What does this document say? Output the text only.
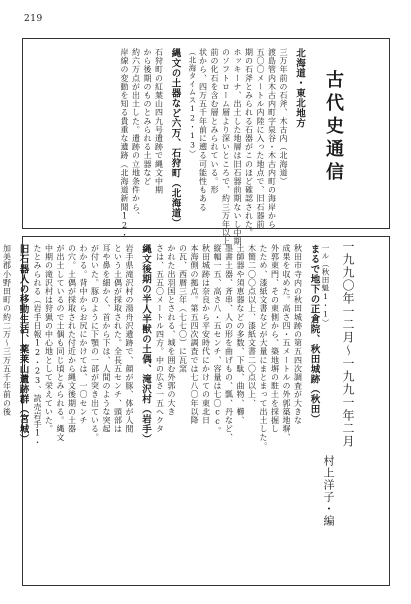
219
古代史通信
一九九〇年一二月～一九九一年二月
村上洋子・編
北海道・東北地方
三万年前の石斧、木古内（北海道）
渡島管内木古内町字泉谷・木古内町の海岸から
五〇〇メートル内陸に入った地点で、旧石器前
期の石斧とみられる石器がこのほど確認された。
ホッキーナ、出土した地層は旧石器前期ないし中期
のソフトローム層より深いところで、約三万年以上
前の化石を含む層とみられている。形
状から、四万五千年前に遡る可能性もある
（北海タイムス12・13）
縄文の土器など六万、石狩町（北海道）
石狩町の紅葉山四九号遺跡で縄文中期
から後期のものとみられる土器など
約六万点が出土した。遺跡の立地条件から、
岸線の変動を知る貴重な遺跡（北海道新聞12・
一ル（秋田魁1・1）
まるで地下の正倉院、秋田城跡（秋田）
秋田市寺内の秋田城跡の第五四次調査が大きな
成果を収めた。高さ四・五メートルの外郭築地塀、
外郭東門、その東側から、築地塀の駐土を採掘し
たため、漆紙文書などが大量にまとまって出土した。
木簡二〇〇点以上、漆紙文書二〇点以上、
土師器や須恵器などの多数、下駄、曲物、櫛、
墨書土器、斉串、人の形を曲げもの、瓢、丹など、
縦幅一五、高さ八・五センチ、容量は七〇cc。
秋田城跡は奈良から平安時代にかけての東北日
本海側の拠点。第五四次調査では七八〇年以降
の瓦、西暦三年（七七〇）に瓦窯
かれた出羽国とされる、城を囲む外郭の大き
さは、五五〇メートル四方。中の広さ一五ヘクタ
縄文後期の半人半獣の土偶、滝沢村（岩手）
岩手県滝沢村の湯舟沢遺跡で、顔が豚、体が人間
という土偶が採取された。全長五センチ、頭部は
耳や鼻を細かく、首から下は、人間のような突起
が付いた。豚のように下顎の一部が突き出ている。
わかる。背中からお尻にかけては、一〇センチ
の穴。土偶が採取された付近から縄文後期の土器
が出土しているので土偶も同じ頃とみられる。縄文
中期の滝沢村は狩猟の中心地として栄えていた。
たとみられる（岩手日報12・23、読売岩手1・
旧石器人の移動生活、薬莱山遺跡群（宮城）
加美郡小野田町の約二万～三万五千年前の後
